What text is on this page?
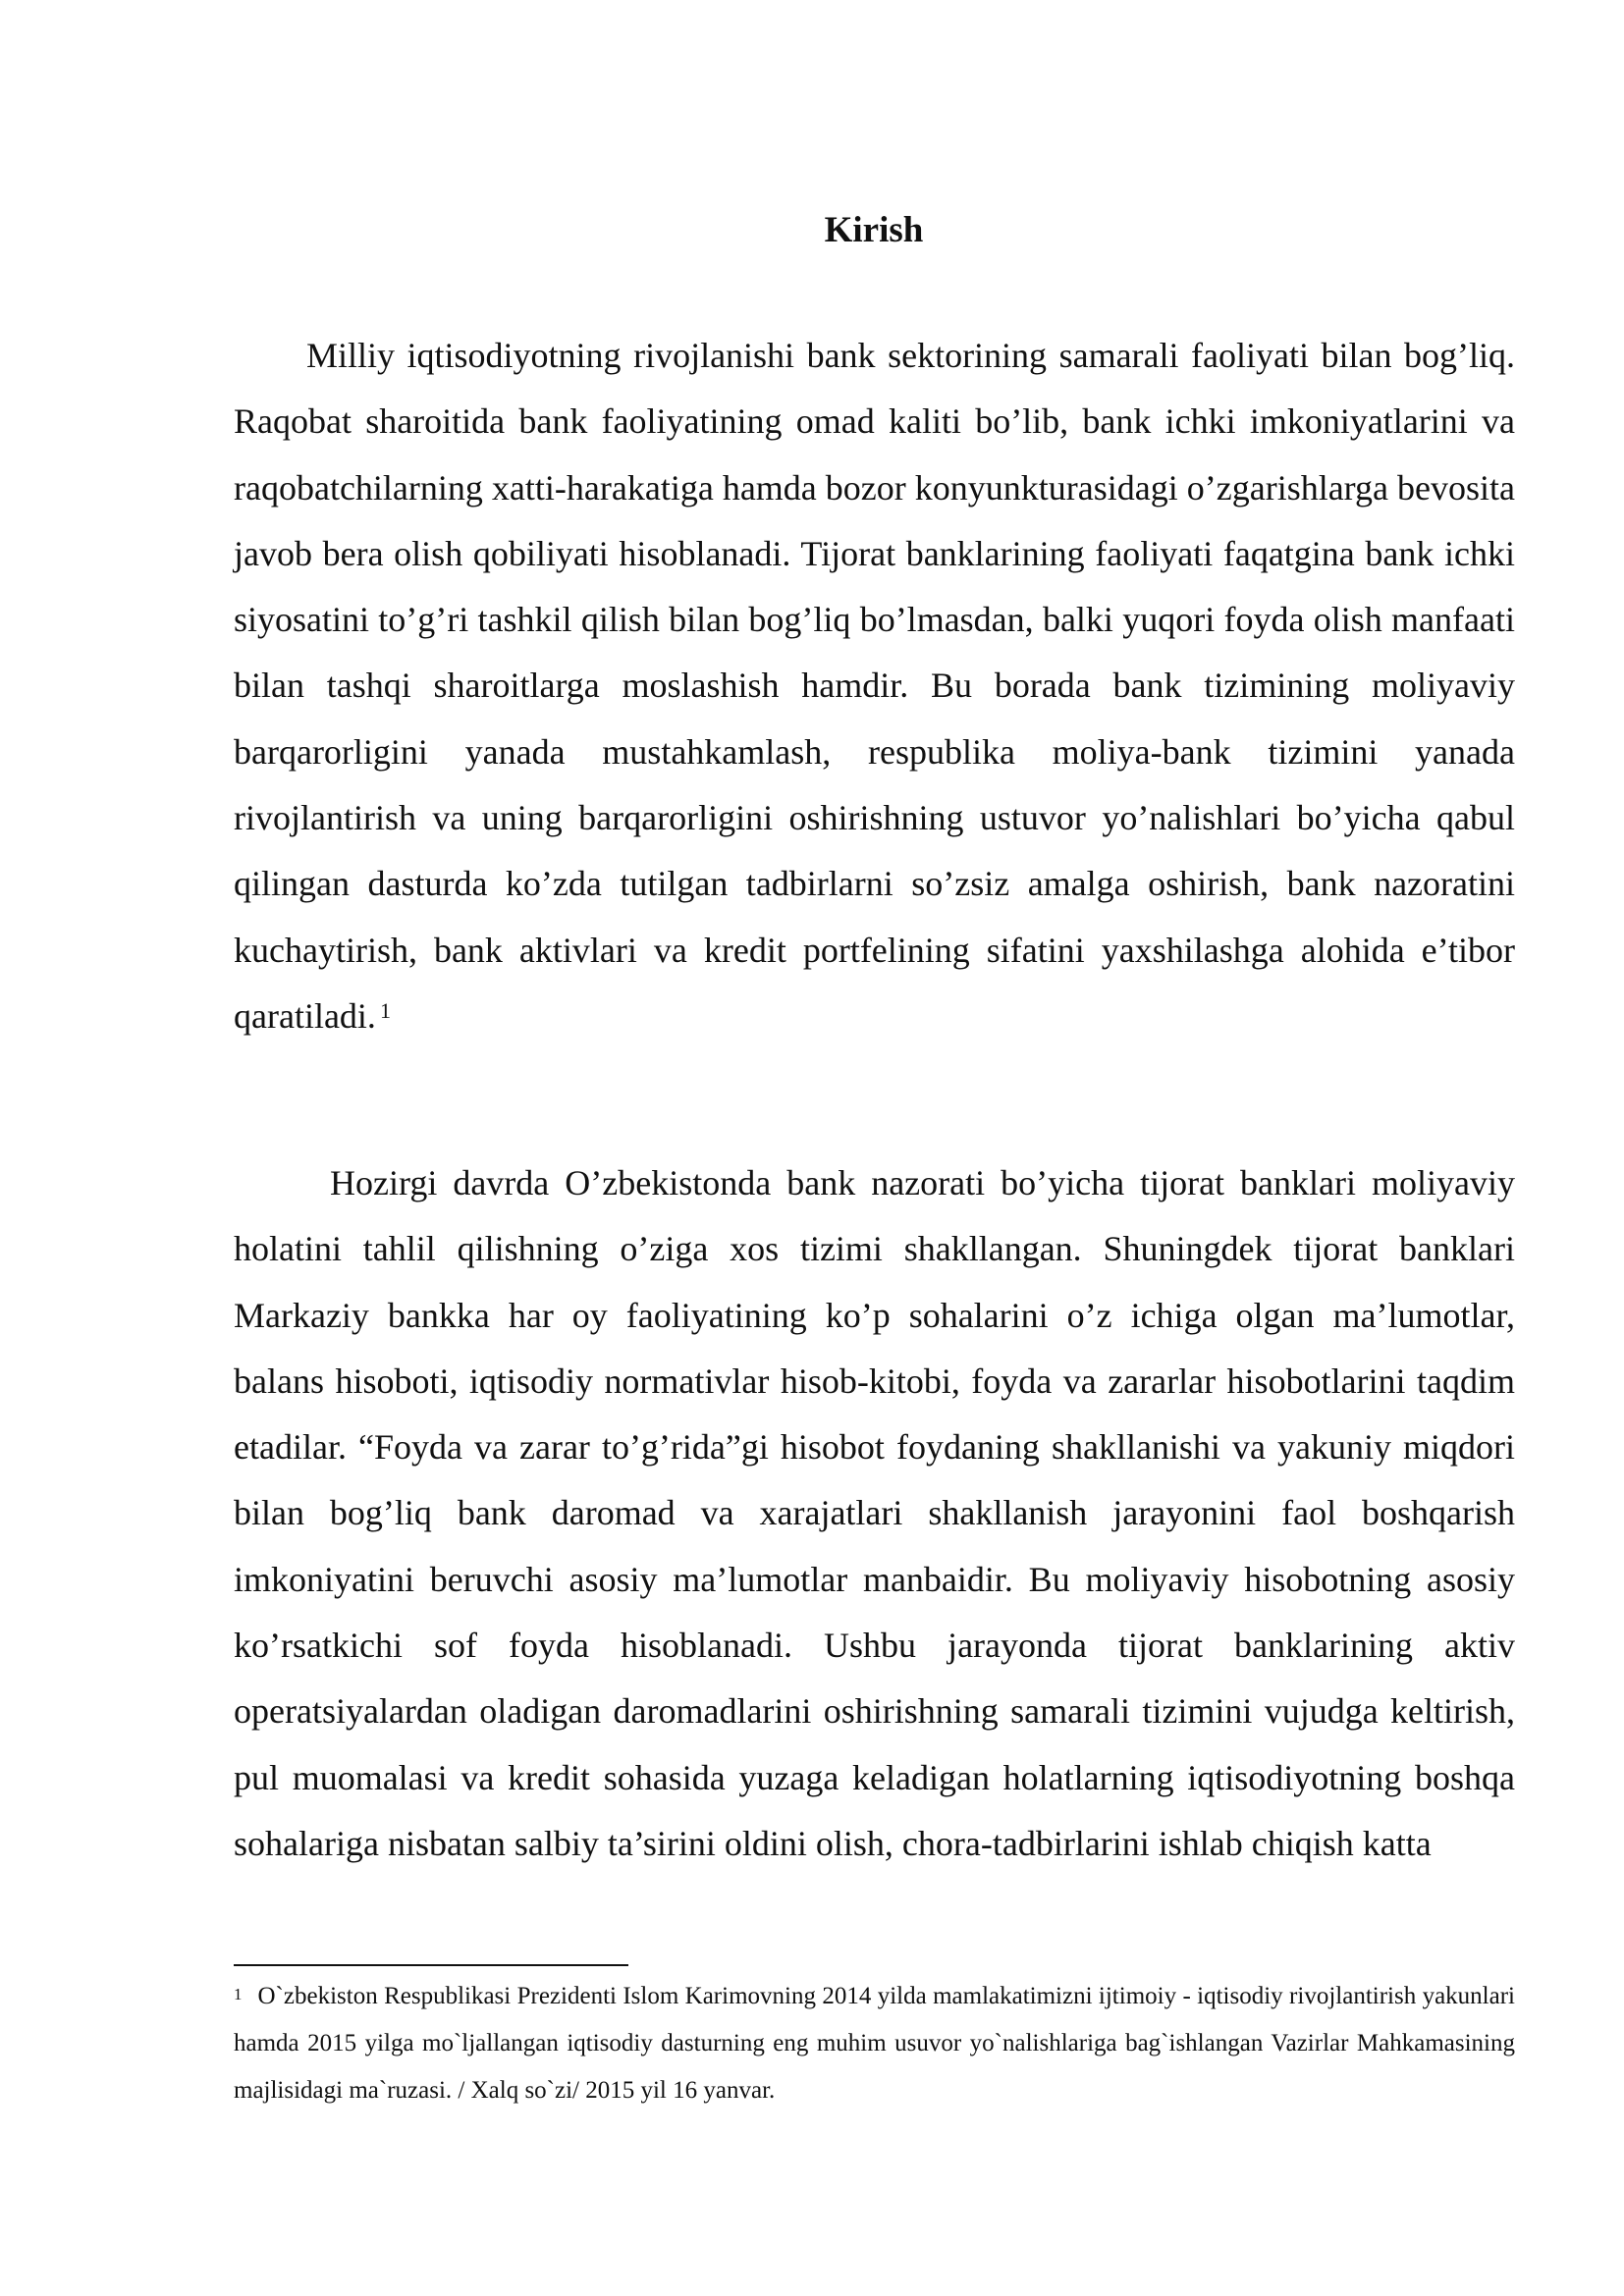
Kirish

Milliy iqtisodiyotning rivojlanishi bank sektorining samarali faoliyati bilan bog’liq. Raqobat sharoitida bank faoliyatining omad kaliti bo’lib, bank ichki imkoniyatlarini va raqobatchilarning xatti-harakatiga hamda bozor konyunkturasidagi o’zgarishlarga bevosita javob bera olish qobiliyati hisoblanadi. Tijorat banklarining faoliyati faqatgina bank ichki siyosatini to’g’ri tashkil qilish bilan bog’liq bo’lmasdan, balki yuqori foyda olish manfaati bilan tashqi sharoitlarga moslashish hamdir. Bu borada bank tizimining moliyaviy barqarorligini yanada mustahkamlash, respublika moliya-bank tizimini yanada rivojlantirish va uning barqarorligini oshirishning ustuvor yo’nalishlari bo’yicha qabul qilingan dasturda ko’zda tutilgan tadbirlarni so’zsiz amalga oshirish, bank nazoratini kuchaytirish, bank aktivlari va kredit portfelining sifatini yaxshilashga alohida e’tibor qaratiladi. $^1$

Hozirgi davrda O’zbekistonda bank nazorati bo’yicha tijorat banklari moliyaviy holatini tahlil qilishning o’ziga xos tizimi shakllangan. Shuningdek tijorat banklari Markaziy bankka har oy faoliyatining ko’p sohalarini o’z ichiga olgan ma’lumotlar, balans hisoboti, iqtisodiy normativlar hisob-kitobi, foyda va zararlar hisobotlarini taqdim etadilar. “Foyda va zarar to’g’rida”gi hisobot foydaning shakllanishi va yakuniy miqdori bilan bog’liq bank daromad va xarajatlari shakllanish jarayonini faol boshqarish imkoniyatini beruvchi asosiy ma’lumotlar manbaidir. Bu moliyaviy hisobotning asosiy ko’rsatkichi sof foyda hisoblanadi. Ushbu jarayonda tijorat banklarining aktiv operatsiyalardan oladigan daromadlarini oshirishning samarali tizimini vujudga keltirish, pul muomalasi va kredit sohasida yuzaga keladigan holatlarning iqtisodiyotning boshqa sohalariga nisbatan salbiy ta’sirini oldini olish, chora-tadbirlarini ishlab chiqish katta

$^1$ O`zbekiston Respublikasi Prezidenti Islom Karimovning 2014 yilda mamlakatimizni ijtimoiy - iqtisodiy rivojlantirish yakunlari hamda 2015 yilga mo`ljallangan iqtisodiy dasturning eng muhim usuvor yo`nalishlariga bag`ishlangan Vazirlar Mahkamasining majlisidagi ma`ruzasi. / Xalq so`zi/ 2015 yil 16 yanvar.
